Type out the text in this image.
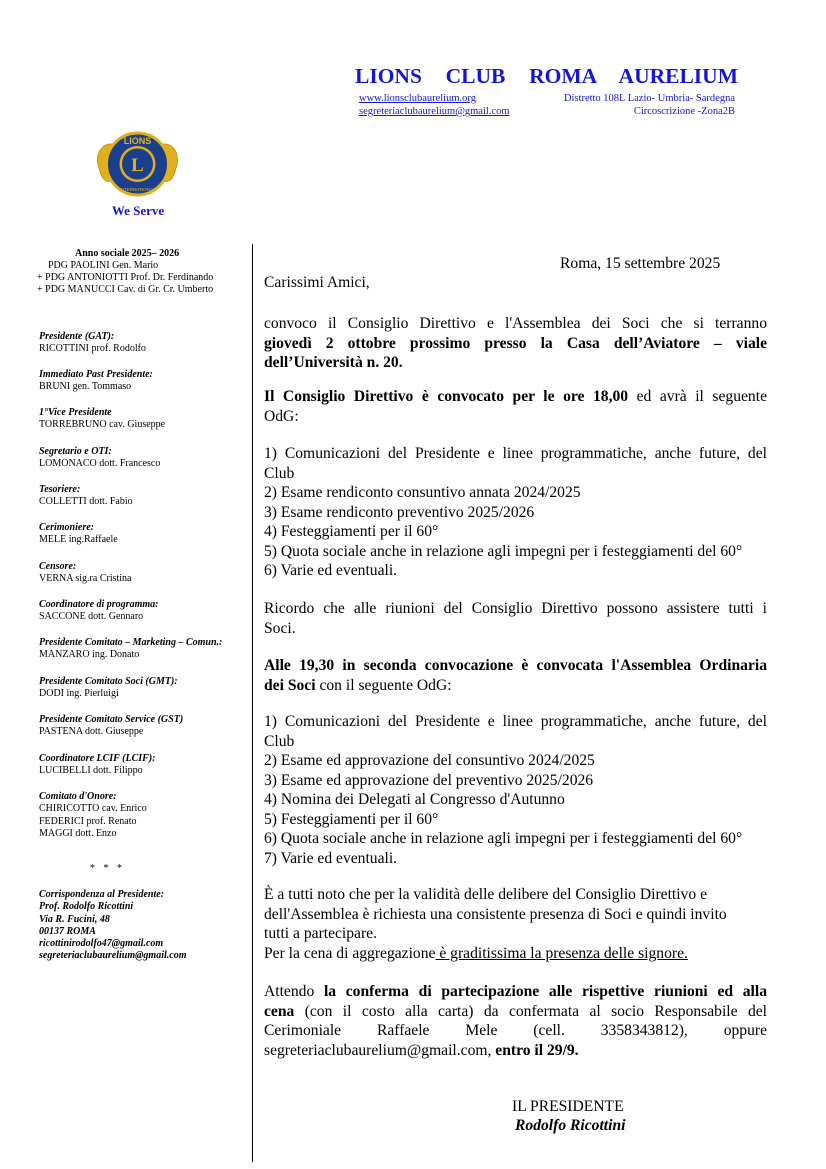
LIONS CLUB ROMA AURELIUM
www.lionsclubaurelium.org
segreteriaclubaurelium@gmail.com
Distretto 108L Lazio- Umbria- Sardegna
Circoscrizione -Zona2B
L
LIONS
INTERNATIONAL
We Serve
Anno sociale 2025– 2026
PDG PAOLINI Gen. Mario
+ PDG ANTONIOTTI Prof. Dr. Ferdinando
+ PDG MANUCCI Cav. di Gr. Cr. Umberto
Presidente (GAT):
RICOTTINI prof. Rodolfo
Immediato Past Presidente:
BRUNI gen. Tommaso
1°Vice Presidente
TORREBRUNO cav. Giuseppe
Segretario e OTI:
LOMONACO dott. Francesco
Tesoriere:
COLLETTI dott. Fabio
Cerimoniere:
MELE ing.Raffaele
Censore:
VERNA sig.ra Cristina
Coordinatore di programma:
SACCONE dott. Gennaro
Presidente Comitato – Marketing – Comun.:
MANZARO ing. Donato
Presidente Comitato Soci (GMT):
DODI ing. Pierluigi
Presidente Comitato Service (GST)
PASTENA dott. Giuseppe
Coordinatore LCIF (LCIF):
LUCIBELLI dott. Filippo
Comitato d'Onore:
CHIRICOTTO cav. Enrico
FEDERICI prof. Renato
MAGGI dott. Enzo
* * *
Corrispondenza al Presidente:
Prof. Rodolfo Ricottini
Via R. Fucini, 48
00137 ROMA
ricottinirodolfo47@gmail.com
segreteriaclubaurelium@gmail.com
Roma, 15 settembre 2025
Carissimi Amici,
convoco il Consiglio Direttivo e l'Assemblea dei Soci che si terranno
giovedì 2 ottobre prossimo presso la Casa dell’Aviatore – viale
dell’Università n. 20.
Il Consiglio Direttivo è convocato per le ore 18,00 ed avrà il seguente
OdG:
1) Comunicazioni del Presidente e linee programmatiche, anche future, del
Club
2) Esame rendiconto consuntivo annata 2024/2025
3) Esame rendiconto preventivo 2025/2026
4) Festeggiamenti per il 60°
5) Quota sociale anche in relazione agli impegni per i festeggiamenti del 60°
6) Varie ed eventuali.
Ricordo che alle riunioni del Consiglio Direttivo possono assistere tutti i
Soci.
Alle 19,30 in seconda convocazione è convocata l'Assemblea Ordinaria
dei Soci con il seguente OdG:
1) Comunicazioni del Presidente e linee programmatiche, anche future, del
Club
2) Esame ed approvazione del consuntivo 2024/2025
3) Esame ed approvazione del preventivo 2025/2026
4) Nomina dei Delegati al Congresso d'Autunno
5) Festeggiamenti per il 60°
6) Quota sociale anche in relazione agli impegni per i festeggiamenti del 60°
7) Varie ed eventuali.
È a tutti noto che per la validità delle delibere del Consiglio Direttivo e
dell'Assemblea è richiesta una consistente presenza di Soci e quindi invito
tutti a partecipare.
Per la cena di aggregazione è graditissima la presenza delle signore.
Attendo la conferma di partecipazione alle rispettive riunioni ed alla
cena (con il costo alla carta) da confermata al socio Responsabile del
Cerimoniale Raffaele Mele (cell. 3358343812), oppure
segreteriaclubaurelium@gmail.com, entro il 29/9.
IL PRESIDENTE
Rodolfo Ricottini
